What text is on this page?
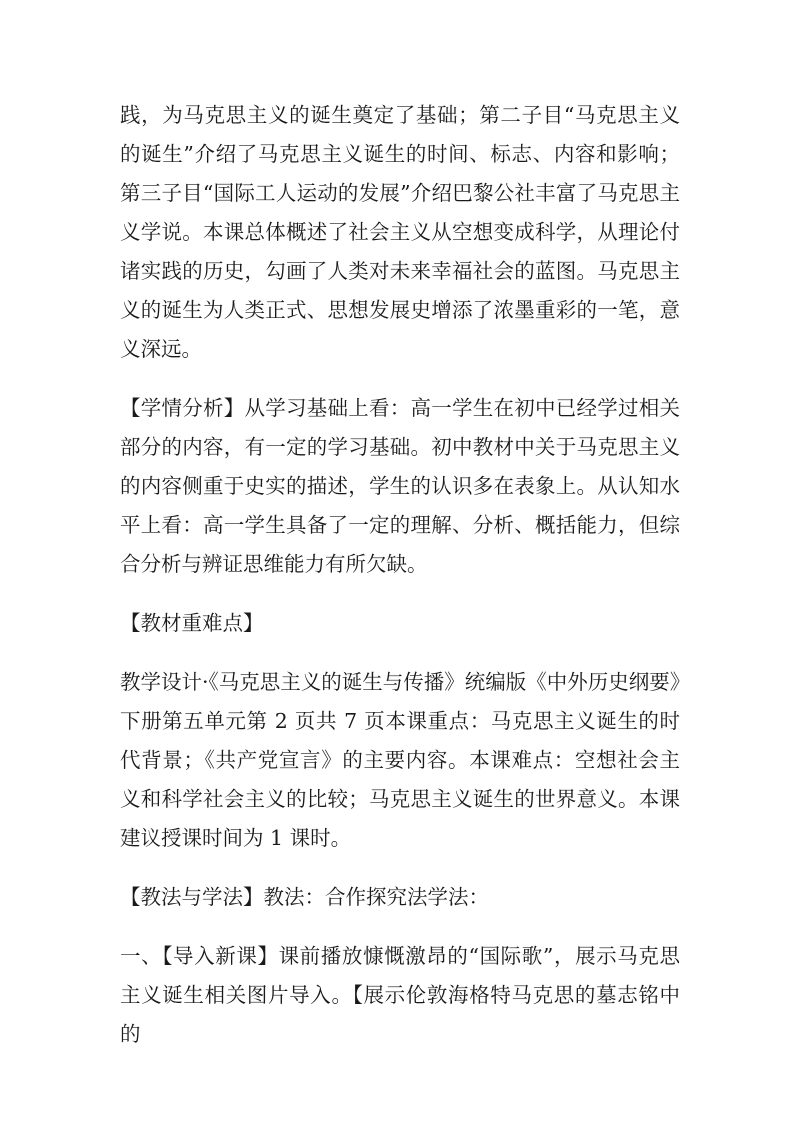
践，为马克思主义的诞生奠定了基础；第二子目“马克思主义的诞生”介绍了马克思主义诞生的时间、标志、内容和影响；第三子目“国际工人运动的发展”介绍巴黎公社丰富了马克思主义学说。本课总体概述了社会主义从空想变成科学，从理论付诸实践的历史，勾画了人类对未来幸福社会的蓝图。马克思主义的诞生为人类正式、思想发展史增添了浓墨重彩的一笔，意义深远。

【学情分析】从学习基础上看：高一学生在初中已经学过相关部分的内容，有一定的学习基础。初中教材中关于马克思主义的内容侧重于史实的描述，学生的认识多在表象上。从认知水平上看：高一学生具备了一定的理解、分析、概括能力，但综合分析与辨证思维能力有所欠缺。

【教材重难点】

教学设计·《马克思主义的诞生与传播》统编版《中外历史纲要》下册第五单元第 2 页共 7 页本课重点：马克思主义诞生的时代背景；《共产党宣言》的主要内容。本课难点：空想社会主义和科学社会主义的比较；马克思主义诞生的世界意义。本课建议授课时间为 1 课时。

【教法与学法】教法：合作探究法学法：

一、【导入新课】课前播放慷慨激昂的“国际歌”，展示马克思主义诞生相关图片导入。【展示伦敦海格特马克思的墓志铭中的
